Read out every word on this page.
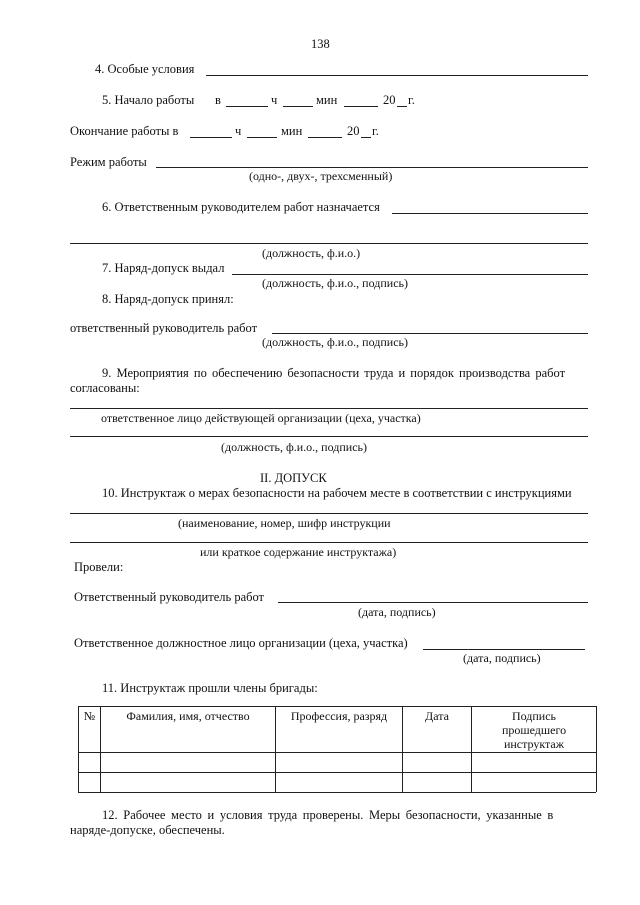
138
4. Особые условия
5. Начало работы в	ч	мин	20 г.
Окончание работы в	ч	мин	20 г.
Режим работы
(одно-, двух-, трехсменный)
6. Ответственным руководителем работ назначается
(должность, ф.и.о.)
7. Наряд-допуск выдал
(должность, ф.и.о., подпись)
8. Наряд-допуск принял:
ответственный руководитель работ
(должность, ф.и.о., подпись)
9. Мероприятия по обеспечению безопасности труда и порядок производства работ
согласованы:
ответственное лицо действующей организации (цеха, участка)
(должность, ф.и.о., подпись)
II. ДОПУСК
10. Инструктаж о мерах безопасности на рабочем месте в соответствии с инструкциями
(наименование, номер, шифр инструкции
или краткое содержание инструктажа)
Провели:
Ответственный руководитель работ
(дата, подпись)
Ответственное должностное лицо организации (цеха, участка)
(дата, подпись)
11. Инструктаж прошли члены бригады:
№	Фамилия, имя, отчество	Профессия, разряд	Дата	Подпись
прошедшего
инструктаж
12. Рабочее место и условия труда проверены. Меры безопасности, указанные в
наряде-допуске, обеспечены.
